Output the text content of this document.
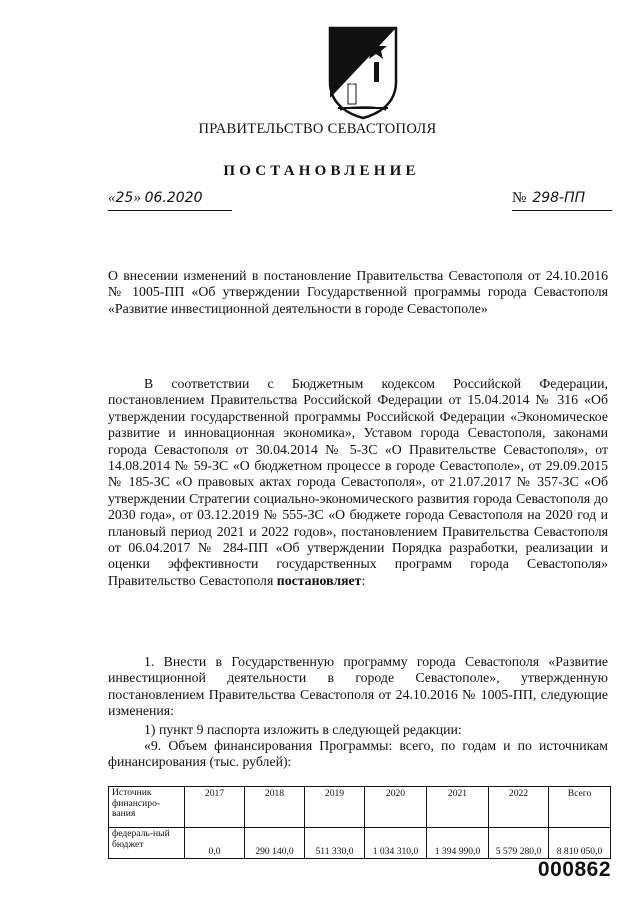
ПРАВИТЕЛЬСТВО СЕВАСТОПОЛЯ
ПОСТАНОВЛЕНИЕ
«25» 06.2020	№ 298-ПП
О внесении изменений в постановление Правительства Севастополя от 24.10.2016 № 1005-ПП «Об утверждении Государственной программы города Севастополя «Развитие инвестиционной деятельности в городе Севастополе»
В соответствии с Бюджетным кодексом Российской Федерации, постановлением Правительства Российской Федерации от 15.04.2014 № 316 «Об утверждении государственной программы Российской Федерации «Экономическое развитие и инновационная экономика», Уставом города Севастополя, законами города Севастополя от 30.04.2014 № 5-ЗС «О Правительстве Севастополя», от 14.08.2014 № 59-ЗС «О бюджетном процессе в городе Севастополе», от 29.09.2015 № 185-ЗС «О правовых актах города Севастополя», от 21.07.2017 № 357-ЗС «Об утверждении Стратегии социально-экономического развития города Севастополя до 2030 года», от 03.12.2019 № 555-ЗС «О бюджете города Севастополя на 2020 год и плановый период 2021 и 2022 годов», постановлением Правительства Севастополя от 06.04.2017 № 284-ПП «Об утверждении Порядка разработки, реализации и оценки эффективности государственных программ города Севастополя» Правительство Севастополя постановляет:
1. Внести в Государственную программу города Севастополя «Развитие инвестиционной деятельности в городе Севастополе», утвержденную постановлением Правительства Севастополя от 24.10.2016 № 1005-ПП, следующие изменения:
1) пункт 9 паспорта изложить в следующей редакции:
«9. Объем финансирования Программы: всего, по годам и по источникам финансирования (тыс. рублей):
Источник финансиро-вания	2017	2018	2019	2020	2021	2022	Всего
федераль-ный бюджет	0,0	290 140,0	511 330,0	1 034 310,0	1 394 990,0	5 579 280,0	8 810 050,0
000862
